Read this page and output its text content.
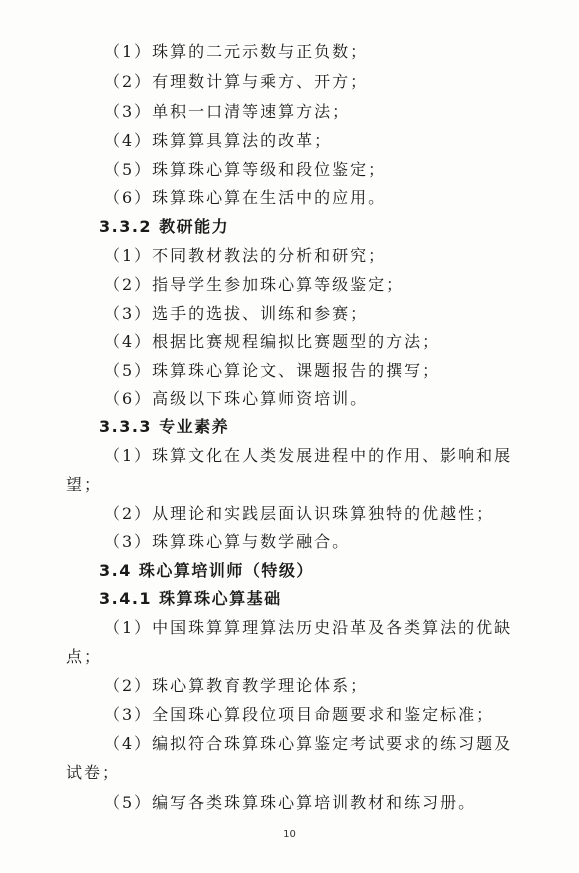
（1）珠算的二元示数与正负数；
（2）有理数计算与乘方、开方；
（3）单积一口清等速算方法；
（4）珠算算具算法的改革；
（5）珠算珠心算等级和段位鉴定；
（6）珠算珠心算在生活中的应用。
3.3.2 教研能力
（1）不同教材教法的分析和研究；
（2）指导学生参加珠心算等级鉴定；
（3）选手的选拔、训练和参赛；
（4）根据比赛规程编拟比赛题型的方法；
（5）珠算珠心算论文、课题报告的撰写；
（6）高级以下珠心算师资培训。
3.3.3 专业素养
（1）珠算文化在人类发展进程中的作用、影响和展
望；
（2）从理论和实践层面认识珠算独特的优越性；
（3）珠算珠心算与数学融合。
3.4 珠心算培训师（特级）
3.4.1 珠算珠心算基础
（1）中国珠算算理算法历史沿革及各类算法的优缺
点；
（2）珠心算教育教学理论体系；
（3）全国珠心算段位项目命题要求和鉴定标准；
（4）编拟符合珠算珠心算鉴定考试要求的练习题及
试卷；
（5）编写各类珠算珠心算培训教材和练习册。
10
